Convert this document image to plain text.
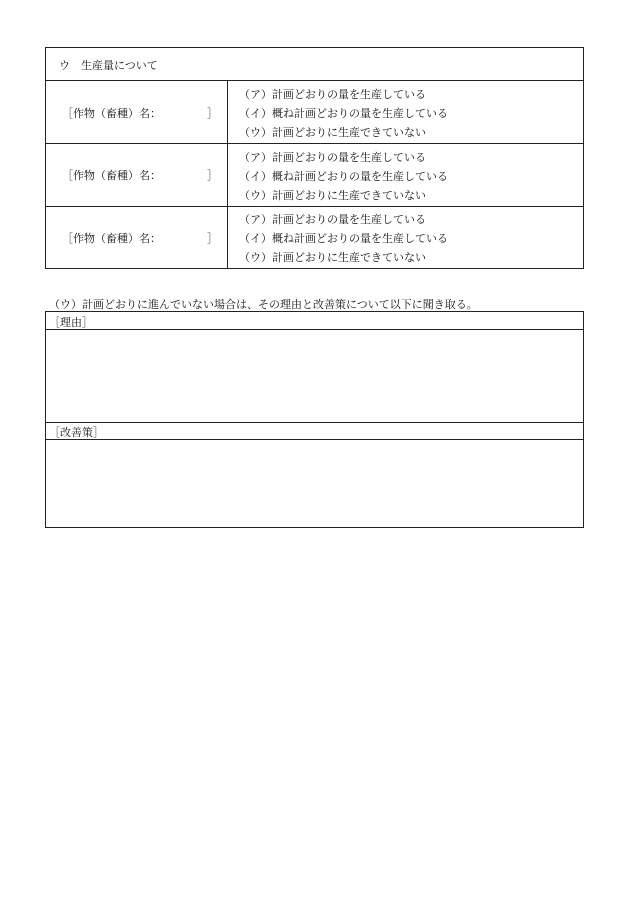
ウ　生産量について
［作物（畜種）名：	］
（ア）計画どおりの量を生産している
（イ）概ね計画どおりの量を生産している
（ウ）計画どおりに生産できていない
［作物（畜種）名：	］
（ア）計画どおりの量を生産している
（イ）概ね計画どおりの量を生産している
（ウ）計画どおりに生産できていない
［作物（畜種）名：	］
（ア）計画どおりの量を生産している
（イ）概ね計画どおりの量を生産している
（ウ）計画どおりに生産できていない
（ウ）計画どおりに進んでいない場合は、その理由と改善策について以下に聞き取る。
［理由］
［改善策］
